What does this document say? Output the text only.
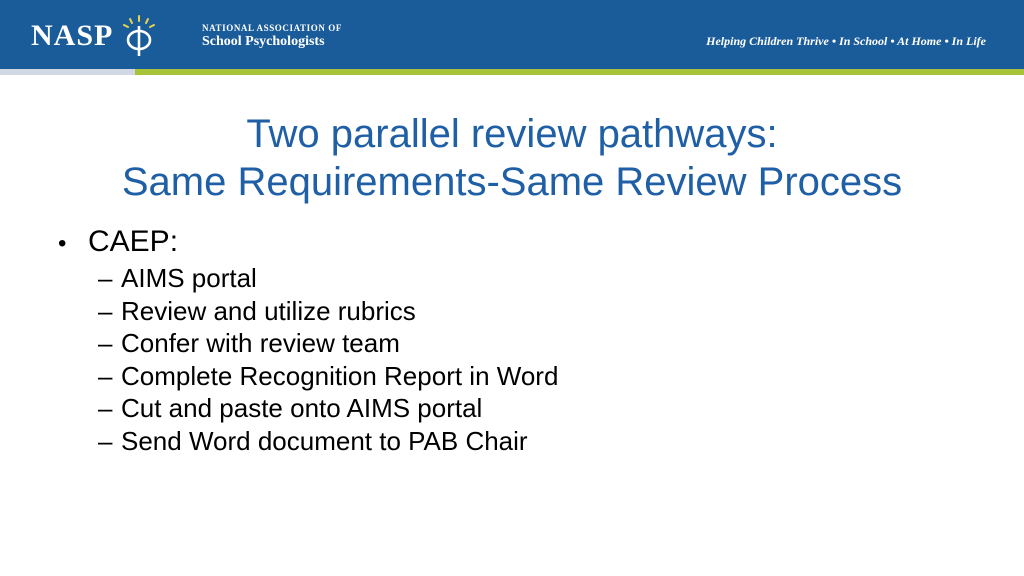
NASP	NATIONAL ASSOCIATION OF
School Psychologists	Helping Children Thrive • In School • At Home • In Life
Two parallel review pathways:
Same Requirements-Same Review Process
• CAEP:
– AIMS portal
– Review and utilize rubrics
– Confer with review team
– Complete Recognition Report in Word
– Cut and paste onto AIMS portal
– Send Word document to PAB Chair
